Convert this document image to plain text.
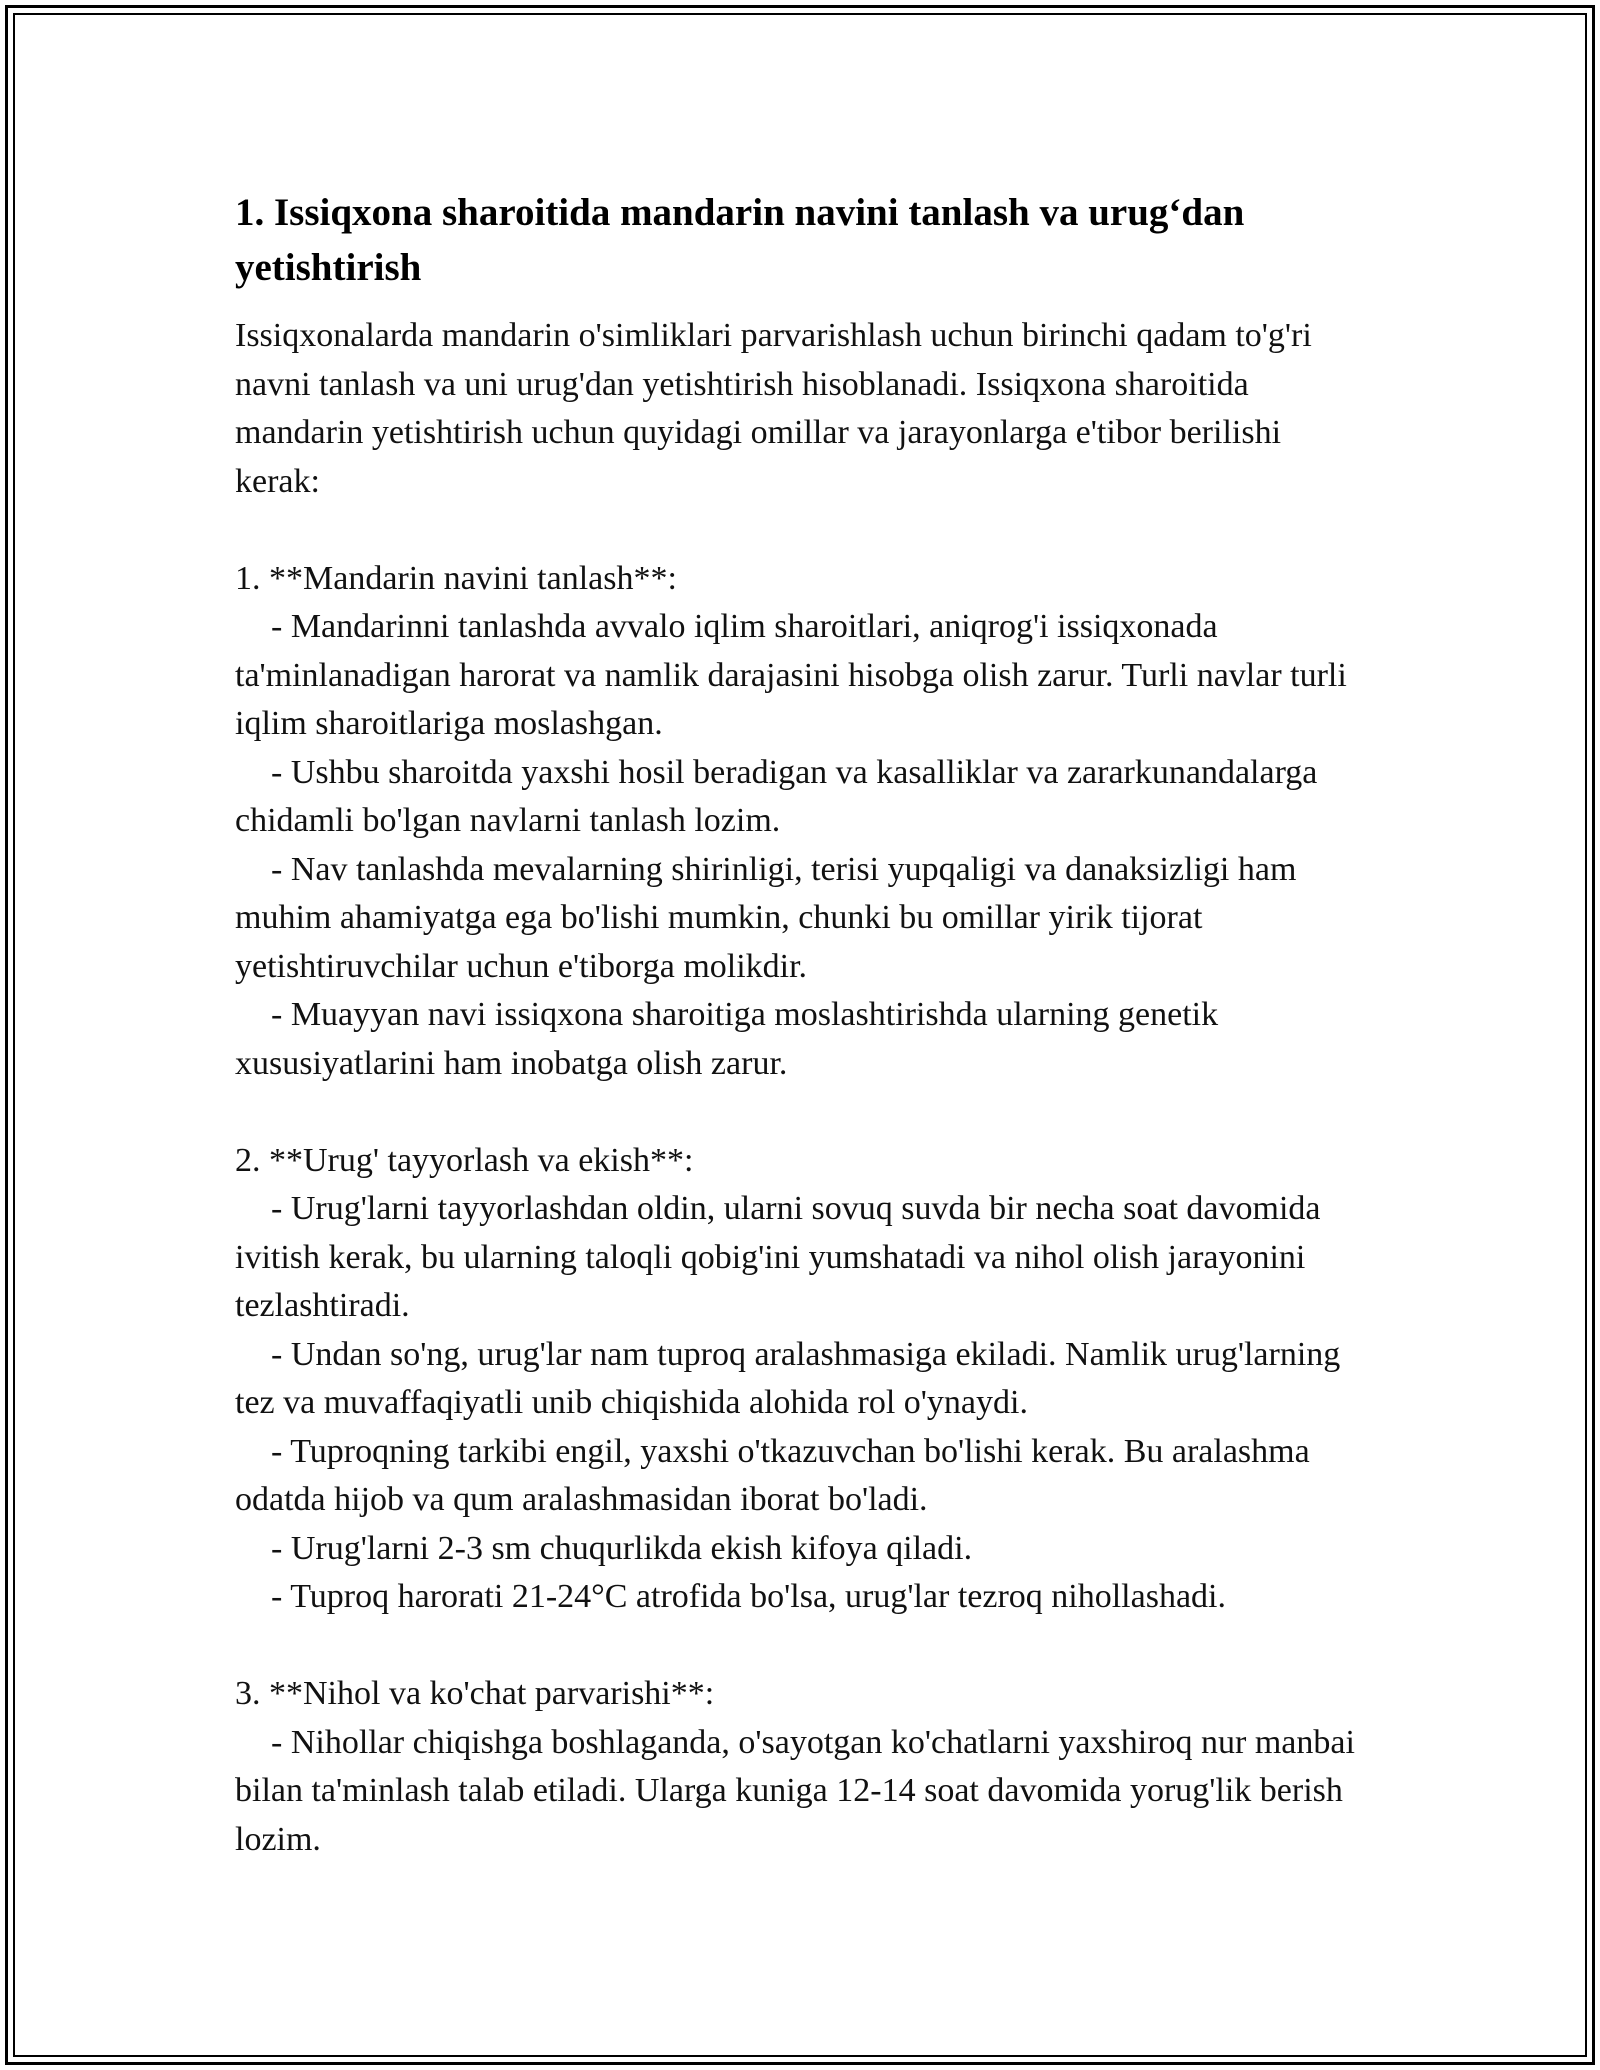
1. Issiqxona sharoitida mandarin navini tanlash va urug‘dan yetishtirish

Issiqxonalarda mandarin o'simliklari parvarishlash uchun birinchi qadam to'g'ri navni tanlash va uni urug'dan yetishtirish hisoblanadi. Issiqxona sharoitida mandarin yetishtirish uchun quyidagi omillar va jarayonlarga e'tibor berilishi kerak:

1. **Mandarin navini tanlash**:

- Mandarinni tanlashda avvalo iqlim sharoitlari, aniqrog'i issiqxonada ta'minlanadigan harorat va namlik darajasini hisobga olish zarur. Turli navlar turli iqlim sharoitlariga moslashgan.

- Ushbu sharoitda yaxshi hosil beradigan va kasalliklar va zararkunandalarga chidamli bo'lgan navlarni tanlash lozim.

- Nav tanlashda mevalarning shirinligi, terisi yupqaligi va danaksizligi ham muhim ahamiyatga ega bo'lishi mumkin, chunki bu omillar yirik tijorat yetishtiruvchilar uchun e'tiborga molikdir.

- Muayyan navi issiqxona sharoitiga moslashtirishda ularning genetik xususiyatlarini ham inobatga olish zarur.

2. **Urug' tayyorlash va ekish**:

- Urug'larni tayyorlashdan oldin, ularni sovuq suvda bir necha soat davomida ivitish kerak, bu ularning taloqli qobig'ini yumshatadi va nihol olish jarayonini tezlashtiradi.

- Undan so'ng, urug'lar nam tuproq aralashmasiga ekiladi. Namlik urug'larning tez va muvaffaqiyatli unib chiqishida alohida rol o'ynaydi.

- Tuproqning tarkibi engil, yaxshi o'tkazuvchan bo'lishi kerak. Bu aralashma odatda hijob va qum aralashmasidan iborat bo'ladi.

- Urug'larni 2-3 sm chuqurlikda ekish kifoya qiladi.

- Tuproq harorati 21-24°C atrofida bo'lsa, urug'lar tezroq nihollashadi.

3. **Nihol va ko'chat parvarishi**:

- Nihollar chiqishga boshlaganda, o'sayotgan ko'chatlarni yaxshiroq nur manbai bilan ta'minlash talab etiladi. Ularga kuniga 12-14 soat davomida yorug'lik berish lozim.
